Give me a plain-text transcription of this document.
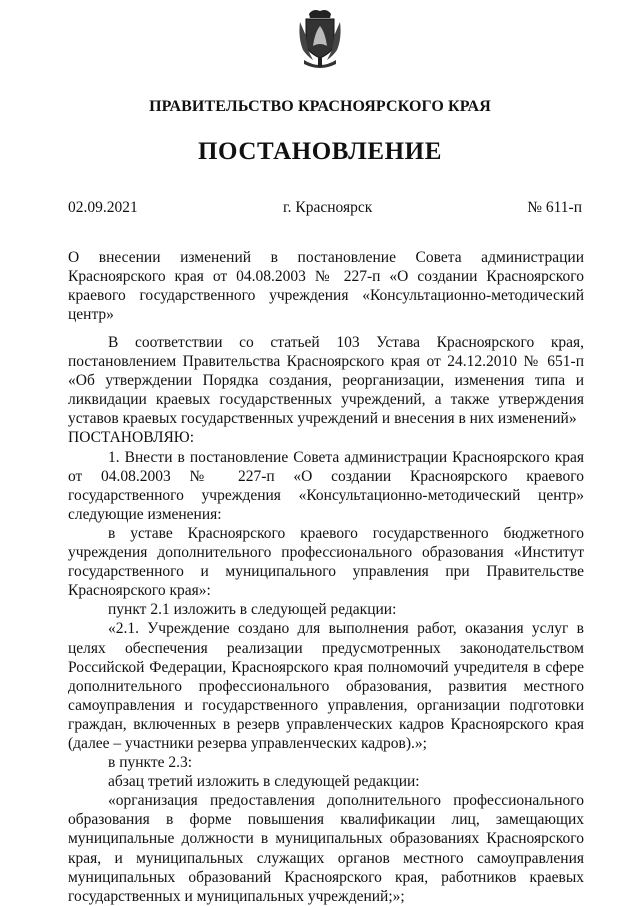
ПРАВИТЕЛЬСТВО КРАСНОЯРСКОГО КРАЯ
ПОСТАНОВЛЕНИЕ
02.09.2021	г. Красноярск	№ 611-п
О внесении изменений в постановление Совета администрации Красноярского края от 04.08.2003 № 227-п «О создании Красноярского краевого государственного учреждения «Консультационно-методический центр»

В соответствии со статьей 103 Устава Красноярского края, постановлением Правительства Красноярского края от 24.12.2010 № 651-п «Об утверждении Порядка создания, реорганизации, изменения типа и ликвидации краевых государственных учреждений, а также утверждения уставов краевых государственных учреждений и внесения в них изменений»

ПОСТАНОВЛЯЮ:

1. Внести в постановление Совета администрации Красноярского края от 04.08.2003 № 227-п «О создании Красноярского краевого государственного учреждения «Консультационно-методический центр» следующие изменения:

в уставе Красноярского краевого государственного бюджетного учреждения дополнительного профессионального образования «Институт государственного и муниципального управления при Правительстве Красноярского края»:

пункт 2.1 изложить в следующей редакции:

«2.1. Учреждение создано для выполнения работ, оказания услуг в целях обеспечения реализации предусмотренных законодательством Российской Федерации, Красноярского края полномочий учредителя в сфере дополнительного профессионального образования, развития местного самоуправления и государственного управления, организации подготовки граждан, включенных в резерв управленческих кадров Красноярского края (далее – участники резерва управленческих кадров).»;

в пункте 2.3:

абзац третий изложить в следующей редакции:

«организация предоставления дополнительного профессионального образования в форме повышения квалификации лиц, замещающих муниципальные должности в муниципальных образованиях Красноярского края, и муниципальных служащих органов местного самоуправления муниципальных образований Красноярского края, работников краевых государственных и муниципальных учреждений;»;
